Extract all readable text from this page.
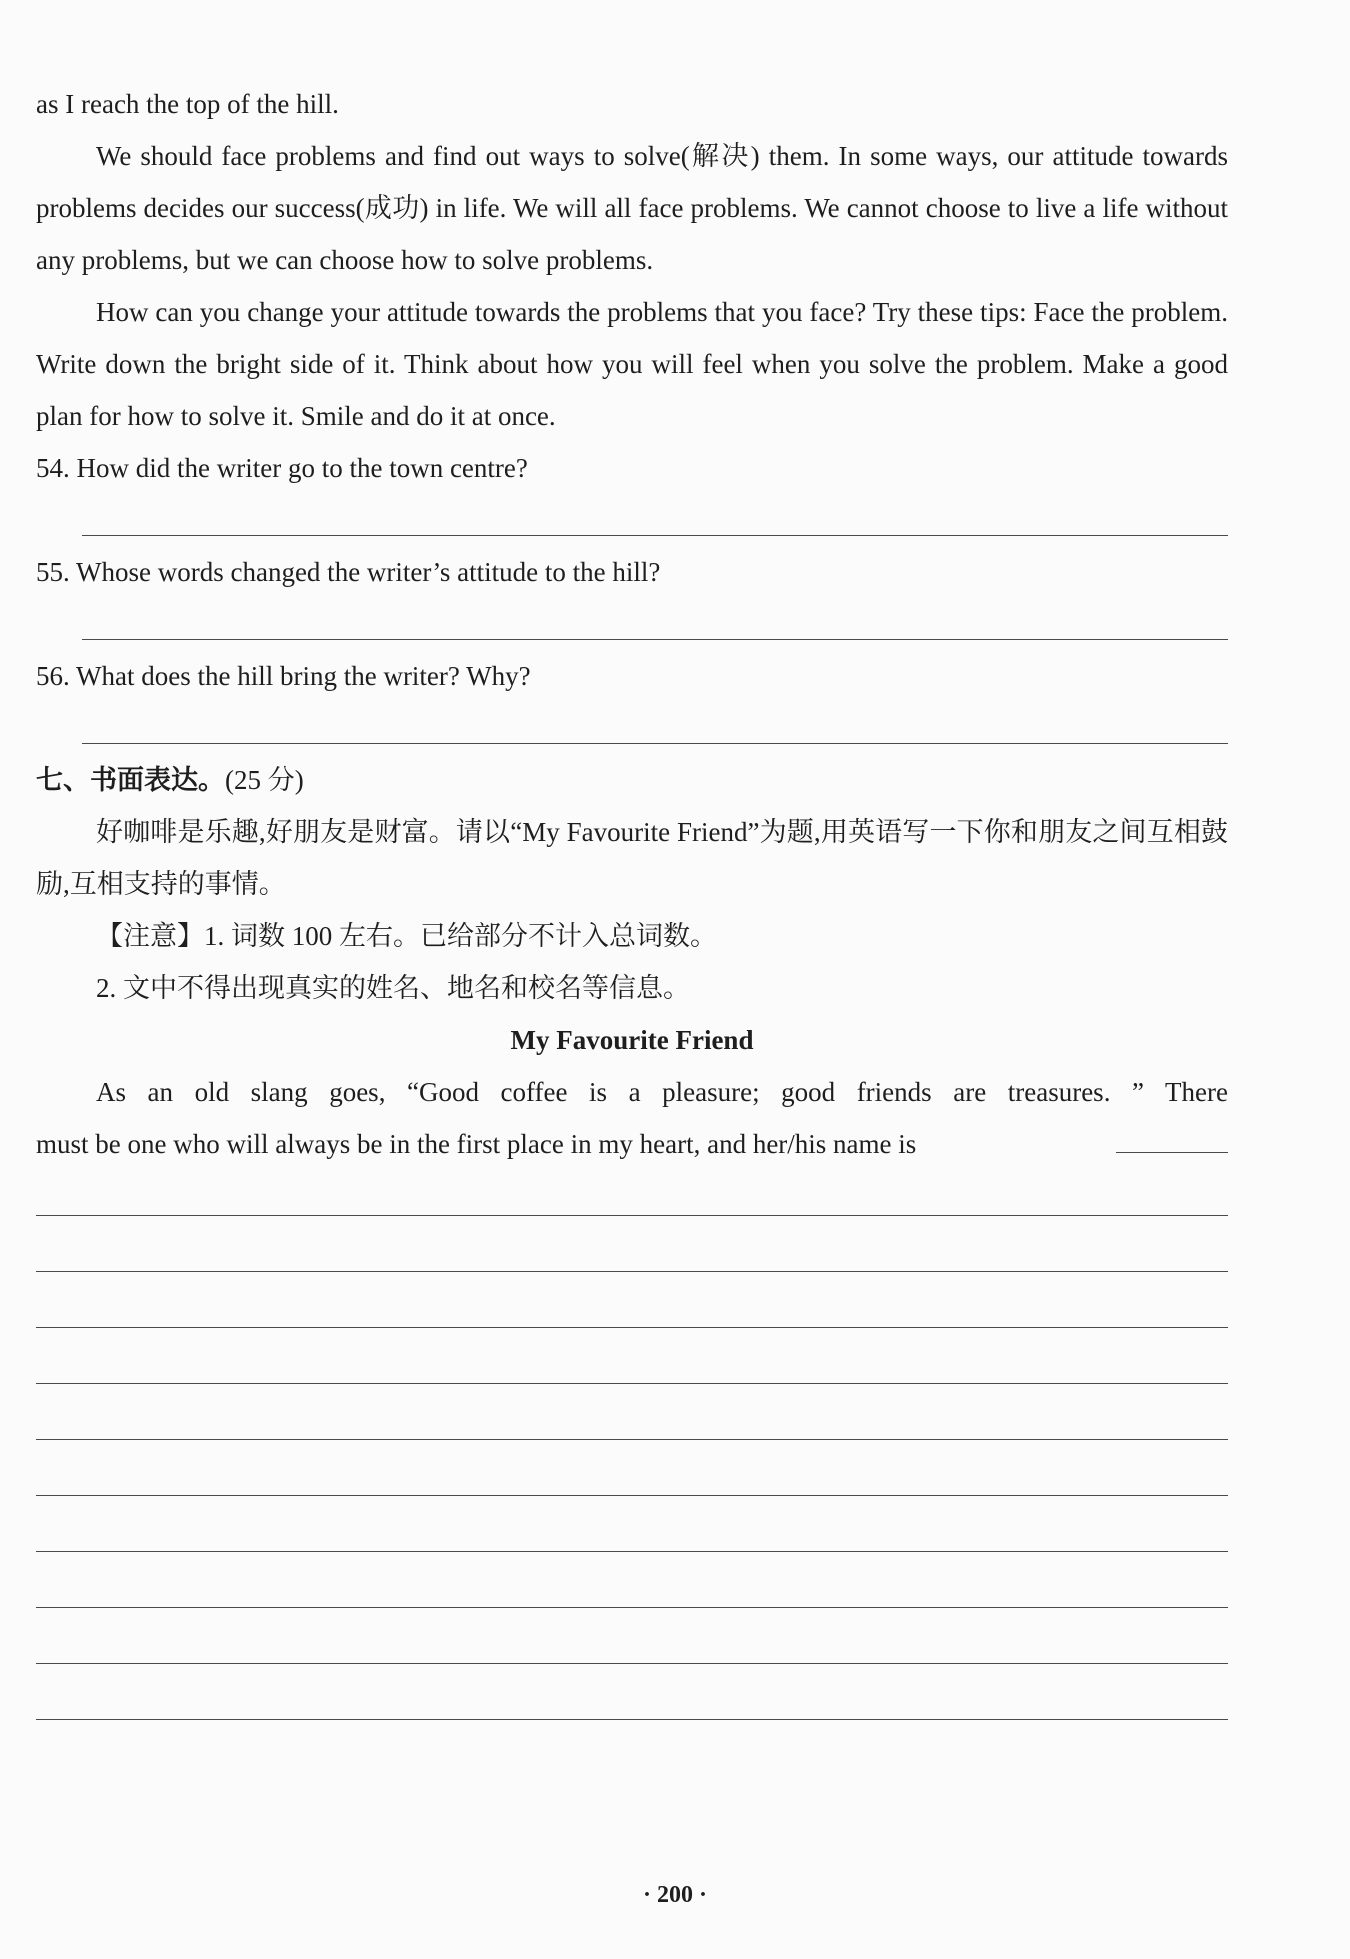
as I reach the top of the hill.

We should face problems and find out ways to solve(解决) them. In some ways, our attitude towards problems decides our success(成功) in life. We will all face problems. We cannot choose to live a life without any problems, but we can choose how to solve problems.

How can you change your attitude towards the problems that you face? Try these tips: Face the problem. Write down the bright side of it. Think about how you will feel when you solve the problem. Make a good plan for how to solve it. Smile and do it at once.

54. How did the writer go to the town centre?

55. Whose words changed the writer’s attitude to the hill?

56. What does the hill bring the writer? Why?

七、书面表达。(25 分)

好咖啡是乐趣,好朋友是财富。请以“My Favourite Friend”为题,用英语写一下你和朋友之间互相鼓励,互相支持的事情。

【注意】1. 词数 100 左右。已给部分不计入总词数。

2. 文中不得出现真实的姓名、地名和校名等信息。

My Favourite Friend

As an old slang goes, “Good coffee is a pleasure; good friends are treasures. ” There

must be one who will always be in the first place in my heart, and her/his name is

· 200 ·
